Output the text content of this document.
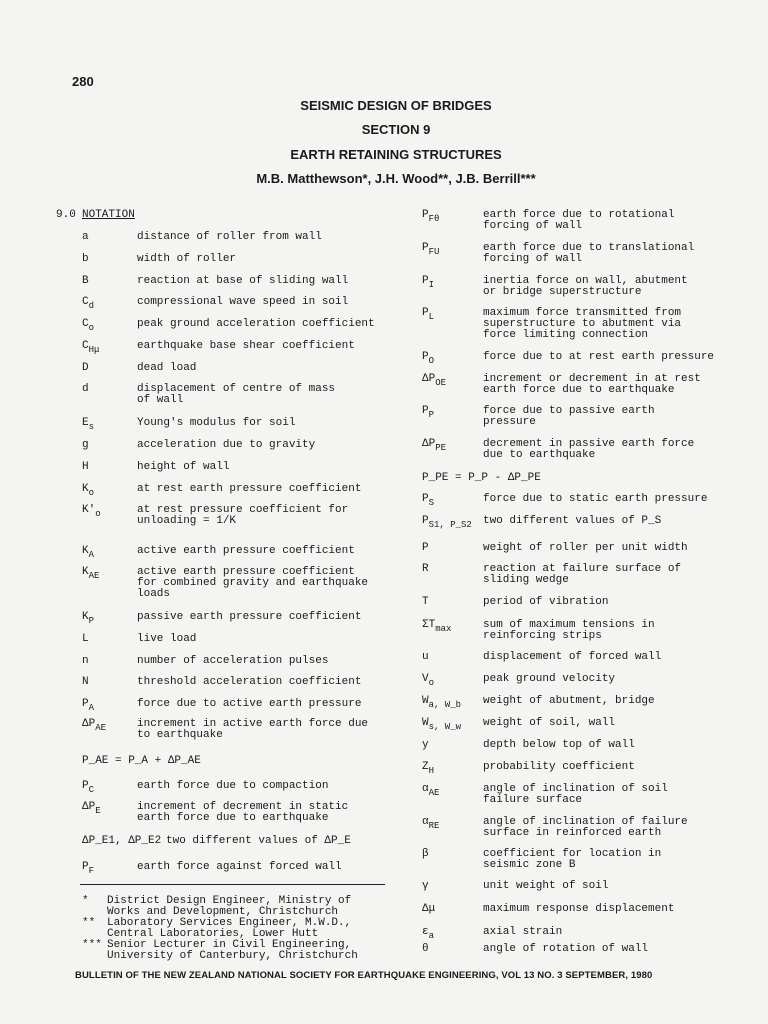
280
SEISMIC DESIGN OF BRIDGES
SECTION 9
EARTH RETAINING STRUCTURES
M.B. Matthewson*, J.H. Wood**, J.B. Berrill***
9.0 NOTATION
a	distance of roller from wall
b	width of roller
B	reaction at base of sliding wall
$C_d$	compressional wave speed in soil
$C_o$	peak ground acceleration coefficient
$C_{H\mu}$	earthquake base shear coefficient
D	dead load
d	displacement of centre of mass
of wall
$E_s$	Young's modulus for soil
g	acceleration due to gravity
H	height of wall
$K_o$	at rest earth pressure coefficient
$K'_o$	at rest pressure coefficient for
unloading = 1/K
$K_A$	active earth pressure coefficient
$K_{AE}$	active earth pressure coefficient
for combined gravity and earthquake
loads
$K_P$	passive earth pressure coefficient
L	live load
n	number of acceleration pulses
N	threshold acceleration coefficient
$P_A$	force due to active earth pressure
$\Delta P_{AE}$	increment in active earth force due
to earthquake
$P_C$	earth force due to compaction
$\Delta P_E$	increment of decrement in static
earth force due to earthquake
$P_F$	earth force against forced wall
$P_{F\theta}$	earth force due to rotational
forcing of wall
$P_{FU}$	earth force due to translational
forcing of wall
$P_I$	inertia force on wall, abutment
or bridge superstructure
$P_L$	maximum force transmitted from
superstructure to abutment via
force limiting connection
$P_O$	force due to at rest earth pressure
$\Delta P_{OE}$	increment or decrement in at rest
earth force due to earthquake
$P_P$	force due to passive earth
pressure
$\Delta P_{PE}$	decrement in passive earth force
due to earthquake
$P_S$	force due to static earth pressure
$P_{S1, P\_S2}$ two different values of P_S
P	weight of roller per unit width
R	reaction at failure surface of
sliding wedge
T	period of vibration
$\Sigma T_{max}$	sum of maximum tensions in
reinforcing strips
u	displacement of forced wall
$V_o$	peak ground velocity
$W_{a, W\_b}$ weight of abutment, bridge
$W_{s, W\_w}$ weight of soil, wall
y	depth below top of wall
$Z_H$	probability coefficient
$\alpha_{AE}$	angle of inclination of soil
failure surface
$\alpha_{RE}$	angle of inclination of failure
surface in reinforced earth
β	coefficient for location in
seismic zone B
γ	unit weight of soil
Δμ	maximum response displacement
$\varepsilon_a$	axial strain
θ	angle of rotation of wall
P_AE = P_A + ΔP_AE
ΔP_E1, ΔP_E2 two different values of ΔP_E
P_PE = P_P - ΔP_PE
* District Design Engineer, Ministry of
Works and Development, Christchurch
** Laboratory Services Engineer, M.W.D.,
Central Laboratories, Lower Hutt
*** Senior Lecturer in Civil Engineering,
University of Canterbury, Christchurch
BULLETIN OF THE NEW ZEALAND NATIONAL SOCIETY FOR EARTHQUAKE ENGINEERING, VOL 13 NO. 3 SEPTEMBER, 1980
